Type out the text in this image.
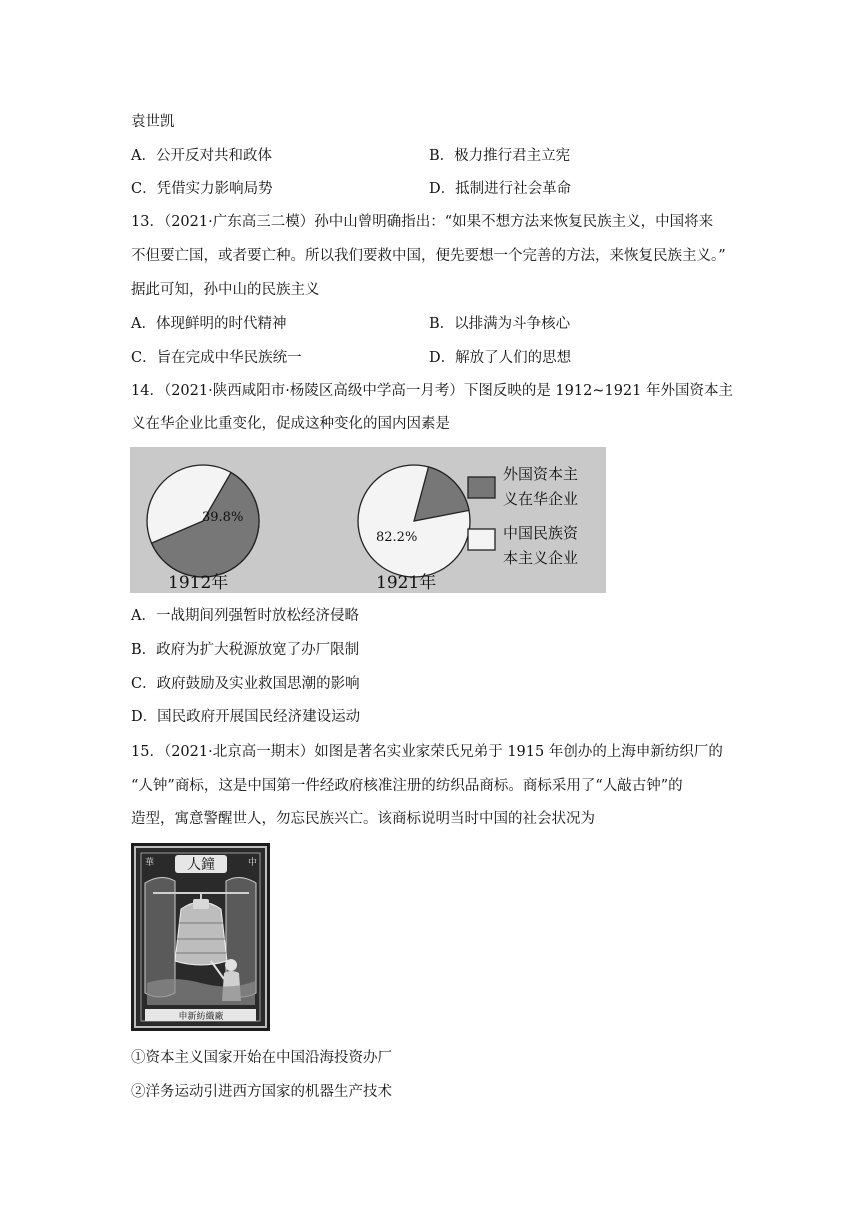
袁世凯
A．公开反对共和政体	B．极力推行君主立宪
C．凭借实力影响局势	D．抵制进行社会革命
13．（2021·广东高三二模）孙中山曾明确指出：“如果不想方法来恢复民族主义，中国将来
不但要亡国，或者要亡种。所以我们要救中国，便先要想一个完善的方法，来恢复民族主义。”
据此可知，孙中山的民族主义
A．体现鲜明的时代精神	B．以排满为斗争核心
C．旨在完成中华民族统一	D．解放了人们的思想
14．（2021·陕西咸阳市·杨陵区高级中学高一月考）下图反映的是 1912~1921 年外国资本主
义在华企业比重变化，促成这种变化的国内因素是
39.8%
1912年
82.2%
1921年
外国资本主
义在华企业
中国民族资
本主义企业
A．一战期间列强暂时放松经济侵略
B．政府为扩大税源放宽了办厂限制
C．政府鼓励及实业救国思潮的影响
D．国民政府开展国民经济建设运动
15．（2021·北京高一期末）如图是著名实业家荣氏兄弟于 1915 年创办的上海申新纺织厂的
“人钟”商标，这是中国第一件经政府核准注册的纺织品商标。商标采用了“人敲古钟”的
造型，寓意警醒世人，勿忘民族兴亡。该商标说明当时中国的社会状况为
華	中
人鐘
申新紡織廠
①资本主义国家开始在中国沿海投资办厂
②洋务运动引进西方国家的机器生产技术
